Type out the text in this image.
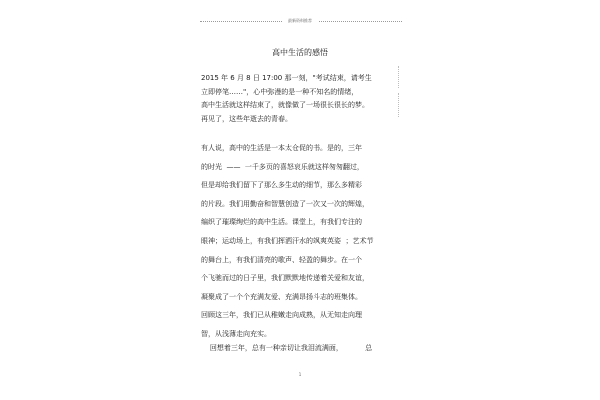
最新资料推荐
高中生活的感悟
2015 年 6 月 8 日 17:00 那一刻，"考试结束，请考生
立即停笔……"，心中弥漫的是一种不知名的情绪，
高中生活就这样结束了，就像做了一场很长很长的梦。
再见了，这些年逝去的青春。
有人说，高中的生活是一本太仓促的书。是的，三年
的时光  ——  一千多页的喜怒哀乐就这样匆匆翻过，
但是却给我们留下了那么多生动的细节，那么多精彩
的片段。我们用勤奋和智慧创造了一次又一次的辉煌，
编织了璀璨绚烂的高中生活。课堂上，有我们专注的
眼神；运动场上，有我们挥洒汗水的飒爽英姿  ；艺术节
的舞台上，有我们清亮的歌声、轻盈的舞步。在一个
个飞驰而过的日子里，我们默默地传递着关爱和友谊，
凝聚成了一个个充满友爱、充满昂扬斗志的班集体。
回顾这三年，我们已从稚嫩走向成熟，从无知走向理
智，从浅薄走向充实。
回想着三年，总有一种亲切让我泪流满面，          总
1
